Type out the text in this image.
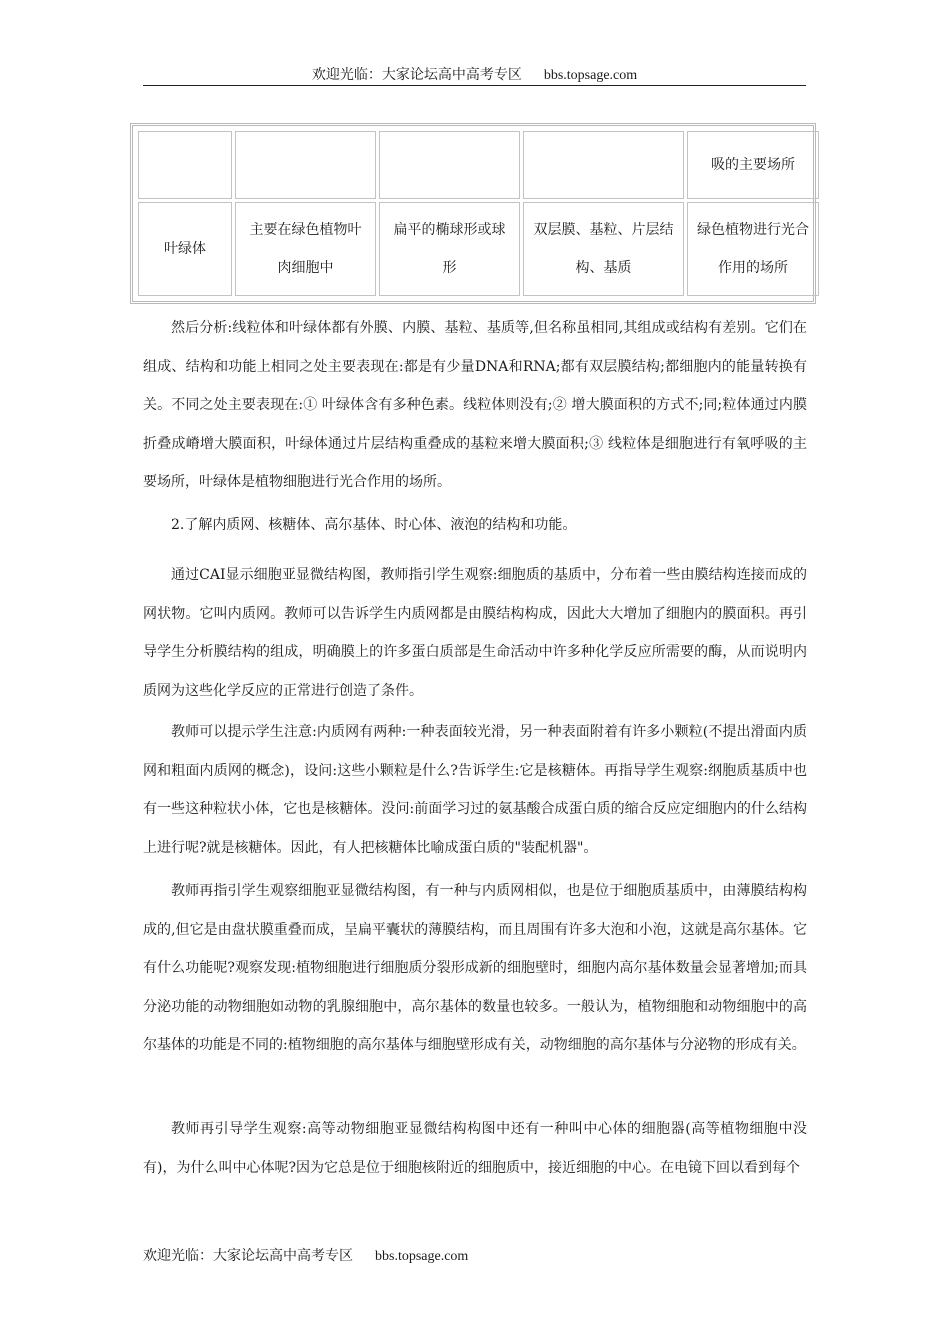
欢迎光临：大家论坛高中高考专区 bbs.topsage.com
				吸的主要场所
叶绿体	主要在绿色植物叶肉细胞中	扁平的椭球形或球形	双层膜、基粒、片层结构、基质	绿色植物进行光合作用的场所

然后分析:线粒体和叶绿体都有外膜、内膜、基粒、基质等,但名称虽相同,其组成或结构有差别。它们在组成、结构和功能上相同之处主要表现在:都是有少量DNA和RNA;都有双层膜结构;都细胞内的能量转换有关。不同之处主要表现在:① 叶绿体含有多种色素。线粒体则没有;② 增大膜面积的方式不;同;粒体通过内膜折叠成嵴增大膜面积，叶绿体通过片层结构重叠成的基粒来增大膜面积;③ 线粒体是细胞进行有氧呼吸的主要场所，叶绿体是植物细胞进行光合作用的场所。

2.了解内质网、核糖体、高尔基体、时心体、液泡的结构和功能。

通过CAI显示细胞亚显微结构图，教师指引学生观察:细胞质的基质中，分布着一些由膜结构连接而成的网状物。它叫内质网。教师可以告诉学生内质网都是由膜结构构成，因此大大增加了细胞内的膜面积。再引导学生分析膜结构的组成，明确膜上的许多蛋白质部是生命活动中许多种化学反应所需要的酶，从而说明内质网为这些化学反应的正常进行创造了条件。

教师可以提示学生注意:内质网有两种:一种表面较光滑，另一种表面附着有许多小颗粒(不提出滑面内质网和粗面内质网的概念)，设问:这些小颗粒是什么?告诉学生:它是核糖体。再指导学生观察:纲胞质基质中也有一些这种粒状小体，它也是核糖体。没问:前面学习过的氨基酸合成蛋白质的缩合反应定细胞内的什么结构上进行呢?就是核糖体。因此，有人把核糖体比喻成蛋白质的"装配机器"。

教师再指引学生观察细胞亚显微结构图，有一种与内质网相似，也是位于细胞质基质中，由薄膜结构构成的,但它是由盘状膜重叠而成，呈扁平囊状的薄膜结构，而且周围有许多大泡和小泡，这就是高尔基体。它有什么功能呢?观察发现:植物细胞进行细胞质分裂形成新的细胞壁时，细胞内高尔基体数量会显著增加;而具分泌功能的动物细胞如动物的乳腺细胞中，高尔基体的数量也较多。一般认为，植物细胞和动物细胞中的高尔基体的功能是不同的:植物细胞的高尔基体与细胞壁形成有关，动物细胞的高尔基体与分泌物的形成有关。

教师再引导学生观察:高等动物细胞亚显微结构构图中还有一种叫中心体的细胞器(高等植物细胞中没有)，为什么叫中心体呢?因为它总是位于细胞核附近的细胞质中，接近细胞的中心。在电镜下回以看到每个

欢迎光临：大家论坛高中高考专区 bbs.topsage.com
